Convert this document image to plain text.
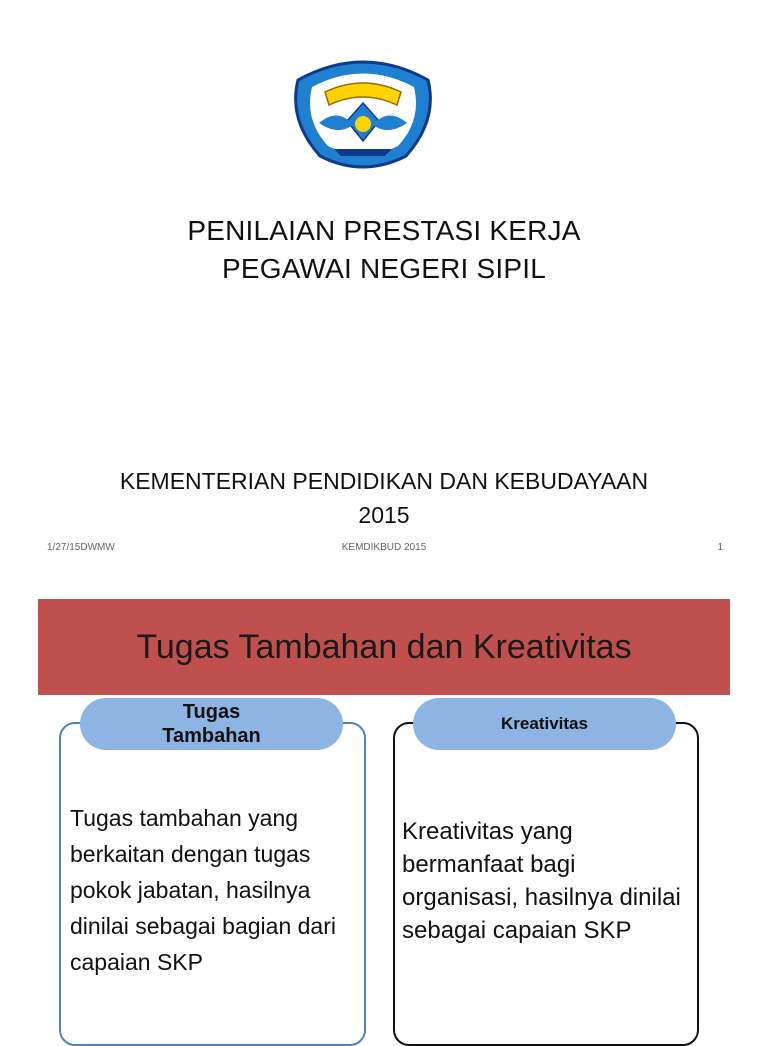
PENILAIAN PRESTASI KERJA
PEGAWAI NEGERI SIPIL
KEMENTERIAN PENDIDIKAN DAN KEBUDAYAAN
2015
1/27/15DWMW	KEMDIKBUD 2015	1
Tugas Tambahan dan Kreativitas
Tugas
Tambahan
Kreativitas
Tugas tambahan yang berkaitan dengan tugas pokok jabatan, hasilnya dinilai sebagai bagian dari capaian SKP
Kreativitas yang bermanfaat bagi organisasi, hasilnya dinilai sebagai capaian SKP
